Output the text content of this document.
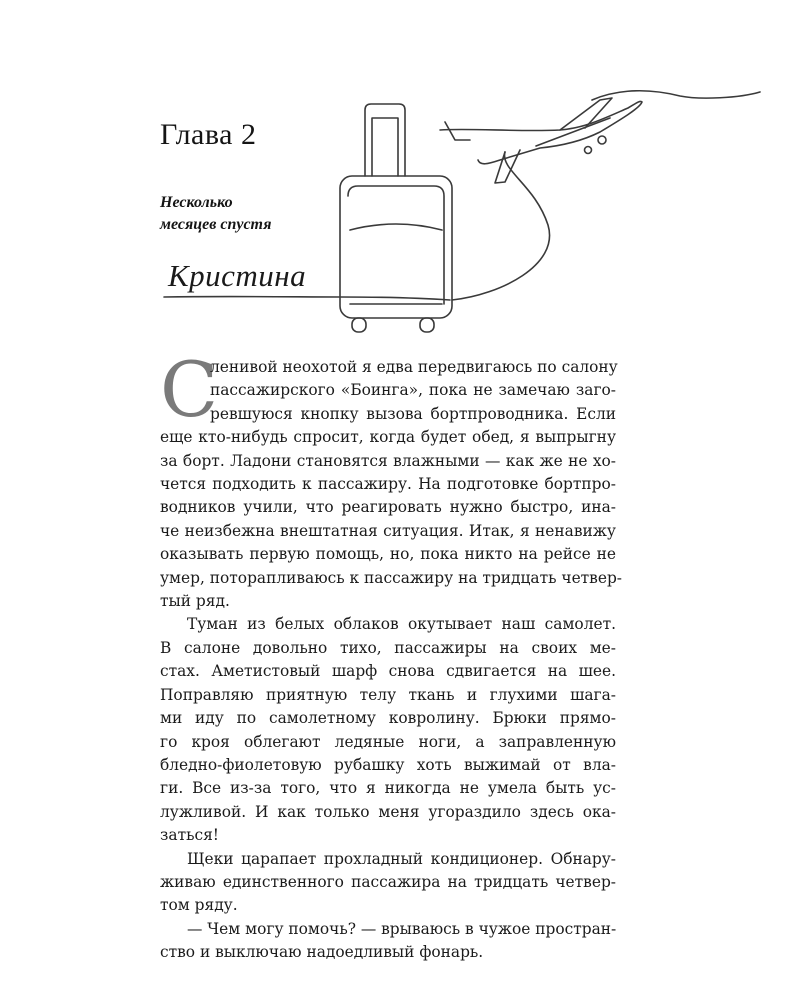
Глава 2
Несколько
месяцев спустя
Кристина
С
ленивой неохотой я едва передвигаюсь по салону
пассажирского «Боинга», пока не замечаю заго-
ревшуюся кнопку вызова бортпроводника. Если
еще кто-нибудь спросит, когда будет обед, я выпрыгну
за борт. Ладони становятся влажными — как же не хо-
чется подходить к пассажиру. На подготовке бортпро-
водников учили, что реагировать нужно быстро, ина-
че неизбежна внештатная ситуация. Итак, я ненавижу
оказывать первую помощь, но, пока никто на рейсе не
умер, поторапливаюсь к пассажиру на тридцать четвер-
тый ряд.
Туман из белых облаков окутывает наш самолет.
В салоне довольно тихо, пассажиры на своих ме-
стах. Аметистовый шарф снова сдвигается на шее.
Поправляю приятную телу ткань и глухими шага-
ми иду по самолетному ковролину. Брюки прямо-
го кроя облегают ледяные ноги, а заправленную
бледно-фиолетовую рубашку хоть выжимай от вла-
ги. Все из-за того, что я никогда не умела быть ус-
лужливой. И как только меня угораздило здесь ока-
заться!
Щеки царапает прохладный кондиционер. Обнару-
живаю единственного пассажира на тридцать четвер-
том ряду.
— Чем могу помочь? — врываюсь в чужое простран-
ство и выключаю надоедливый фонарь.
